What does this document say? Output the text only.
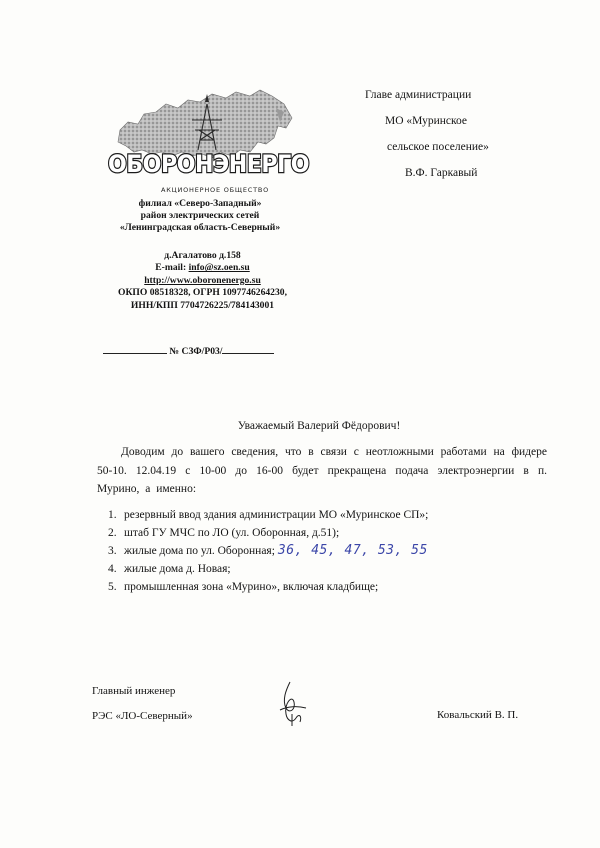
Главе администрации
МО «Муринское
сельское поселение»
В.Ф. Гаркавый
ОБОРОНЭНЕРГО
АКЦИОНЕРНОЕ ОБЩЕСТВО
филиал «Северо-Западный»
район электрических сетей
«Ленинградская область-Северный»
д.Агалатово д.158
E-mail: info@sz.oen.su
http://www.oboronenergo.su
ОКПО 08518328, ОГРН 1097746264230,
ИНН/КПП 7704726225/784143001
№ СЗФ/Р03/
Уважаемый Валерий Фёдорович!
Доводим до вашего сведения, что в связи с неотложными работами на фидере 50-10. 12.04.19 с 10-00 до 16-00 будет прекращена подача электроэнергии в п. Мурино, а именно:
1. резервный ввод здания администрации МО «Муринское СП»;
2. штаб ГУ МЧС по ЛО (ул. Оборонная, д.51);
3. жилые дома по ул. Оборонная; 36, 45, 47, 53, 55
4. жилые дома д. Новая;
5. промышленная зона «Мурино», включая кладбище;
Главный инженер
РЭС «ЛО-Северный»	Ковальский В. П.
